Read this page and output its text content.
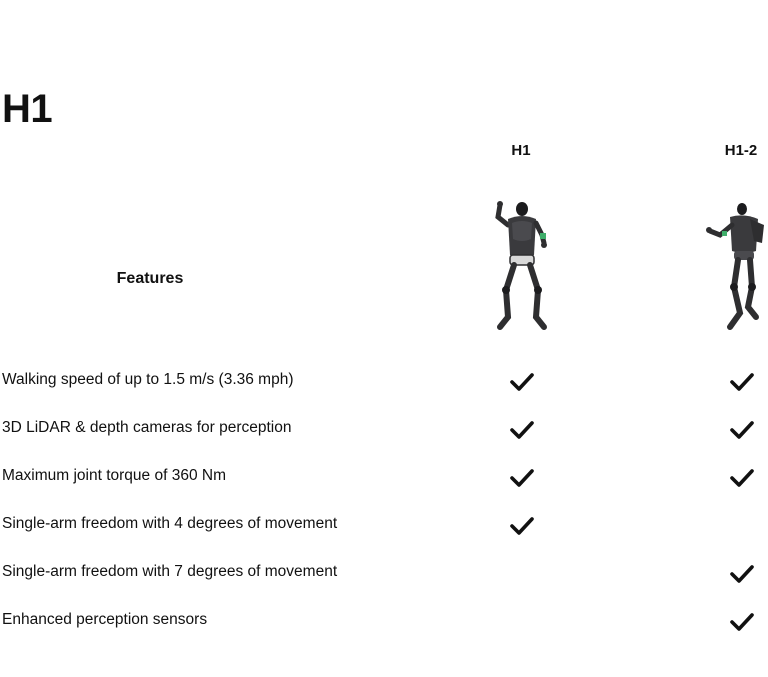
H1
H1	H1-2
Features
Walking speed of up to 1.5 m/s (3.36 mph)
3D LiDAR & depth cameras for perception
Maximum joint torque of 360 Nm
Single-arm freedom with 4 degrees of movement
Single-arm freedom with 7 degrees of movement
Enhanced perception sensors
